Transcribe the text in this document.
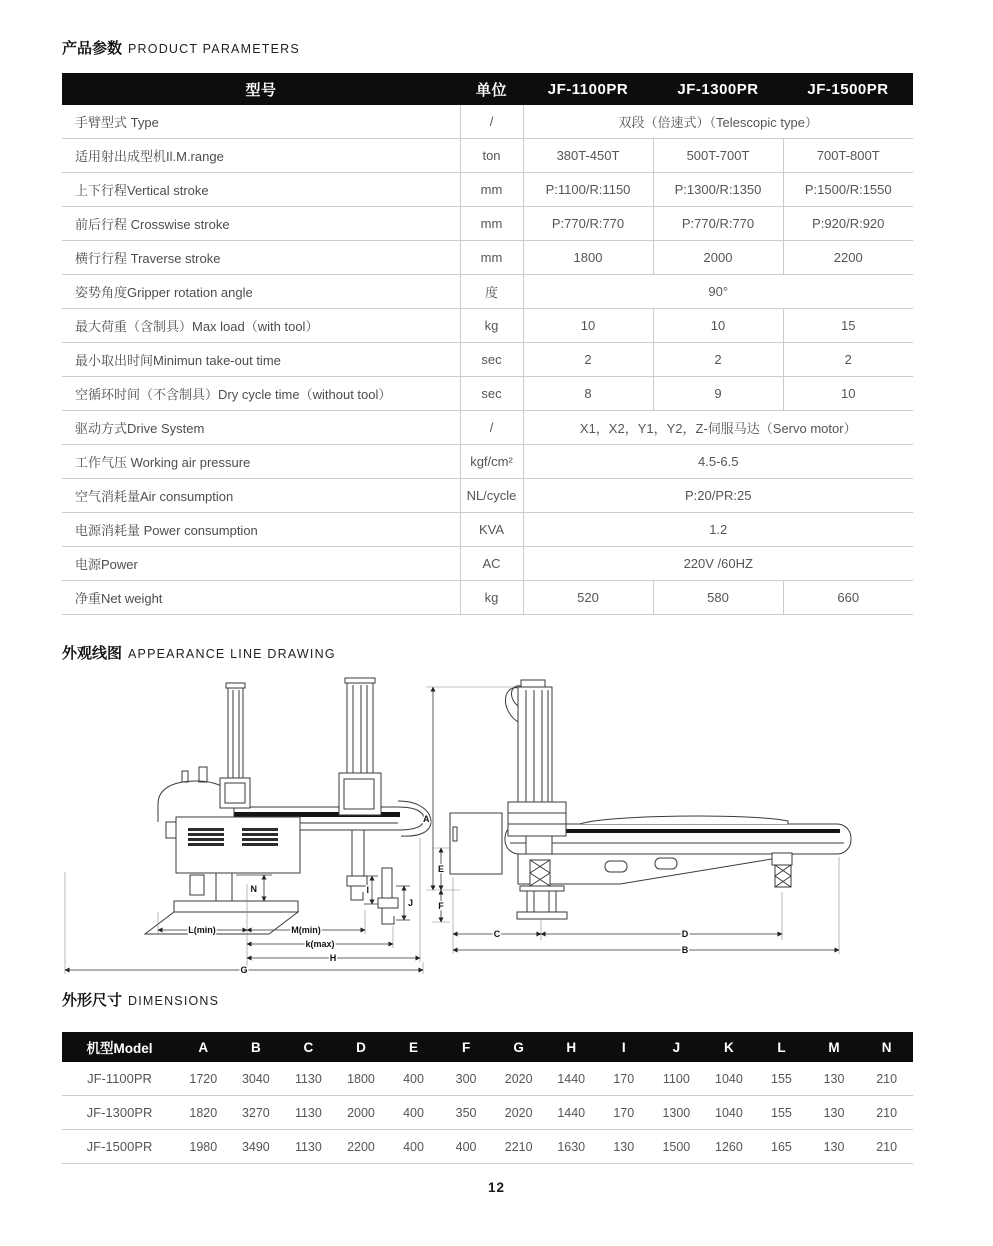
产品参数 PRODUCT PARAMETERS
型号	单位	JF-1100PR	JF-1300PR	JF-1500PR
手臂型式 Type	/	双段（倍速式）（Telescopic type）		
适用射出成型机Il.M.range	ton	380T-450T	500T-700T	700T-800T
上下行程Vertical stroke	mm	P:1100/R:1150	P:1300/R:1350	P:1500/R:1550
前后行程 Crosswise stroke	mm	P:770/R:770	P:770/R:770	P:920/R:920
横行行程 Traverse stroke	mm	1800	2000	2200
姿势角度Gripper rotation angle	度	90°		
最大荷重（含制具）Max load（with tool）	kg	10	10	15
最小取出时间Minimun take-out time	sec	2	2	2
空循环时间（不含制具）Dry cycle time（without tool）	sec	8	9	10
驱动方式Drive System	/	X1，X2，Y1，Y2，Z-伺服马达（Servo motor）		
工作气压 Working air pressure	kgf/cm²	4.5-6.5		
空气消耗量Air consumption	NL/cycle	P:20/PR:25		
电源消耗量 Power consumption	KVA	1.2		
电源Power	AC	220V /60HZ		
净重Net weight	kg	520	580	660
外观线图 APPEARANCE LINE DRAWING
N	I
J
L(min)	M(min)
k(max)
H
G
A
E
F
C	D
B
外形尺寸 DIMENSIONS
机型Model	A	B	C	D	E	F	G	H	I	J	K	L	M	N
JF-1100PR	1720	3040	1130	1800	400	300	2020	1440	170	1100	1040	155	130	210
JF-1300PR	1820	3270	1130	2000	400	350	2020	1440	170	1300	1040	155	130	210
JF-1500PR	1980	3490	1130	2200	400	400	2210	1630	130	1500	1260	165	130	210
12
